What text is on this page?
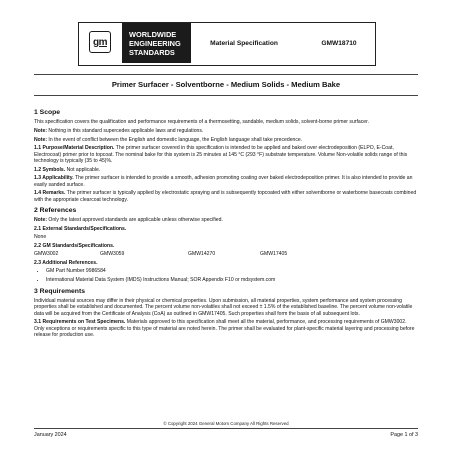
gm
WORLDWIDE
ENGINEERING
STANDARDS
Material Specification	GMW18710
Primer Surfacer - Solventborne - Medium Solids - Medium Bake
1 Scope

This specification covers the qualification and performance requirements of a thermosetting, sandable, medium solids, solvent-borne primer surfacer.

Note: Nothing in this standard supercedes applicable laws and regulations.

Note: In the event of conflict between the English and domestic language, the English language shall take precedence.

1.1 Purpose/Material Description. The primer surfacer covered in this specification is intended to be applied and baked over electrodeposition (ELPO, E-Coat, Electrocoat) primer prior to topcoat. The nominal bake for this system is 25 minutes at 145 °C (293 °F) substrate temperature. Volume Non-volatile solids range of this technology is typically (35 to 45)%.

1.2 Symbols. Not applicable.

1.3 Applicability. The primer surfacer is intended to provide a smooth, adhesion promoting coating over baked electrodeposition primer. It is also intended to provide an easily sanded surface.

1.4 Remarks. The primer surfacer is typically applied by electrostatic spraying and is subsequently topcoated with either solventborne or waterborne basecoats combined with the appropriate clearcoat technology.

2 References

Note: Only the latest approved standards are applicable unless otherwise specified.

2.1 External Standards/Specifications.

None

2.2 GM Standards/Specifications.
GMW3002	GMW3059	GMW14270	GMW17405
2.3 Additional References.
• GM Part Number 9986584
• International Material Data System (IMDS) Instructions Manual; SOR Appendix F10 or mdsystem.com
3 Requirements

Individual material sources may differ in their physical or chemical properties. Upon submission, all material properties, system performance and system processing properties shall be established and documented. The percent volume non-volatiles shall not exceed ± 1.5% of the established baseline. The percent volume non-volatile data will be acquired from the Certificate of Analysis (CoA) as outlined in GMW17405. Such properties shall form the basis of all subsequent lots.

3.1 Requirements on Test Specimens. Materials approved to this specification shall meet all the material, performance, and processing requirements of GMW3002. Only exceptions or requirements specific to this type of material are noted herein. The primer shall be evaluated for plant-specific material layering and processing before release for production use.

© Copyright 2024 General Motors Company All Rights Reserved
January 2024	Page 1 of 3
